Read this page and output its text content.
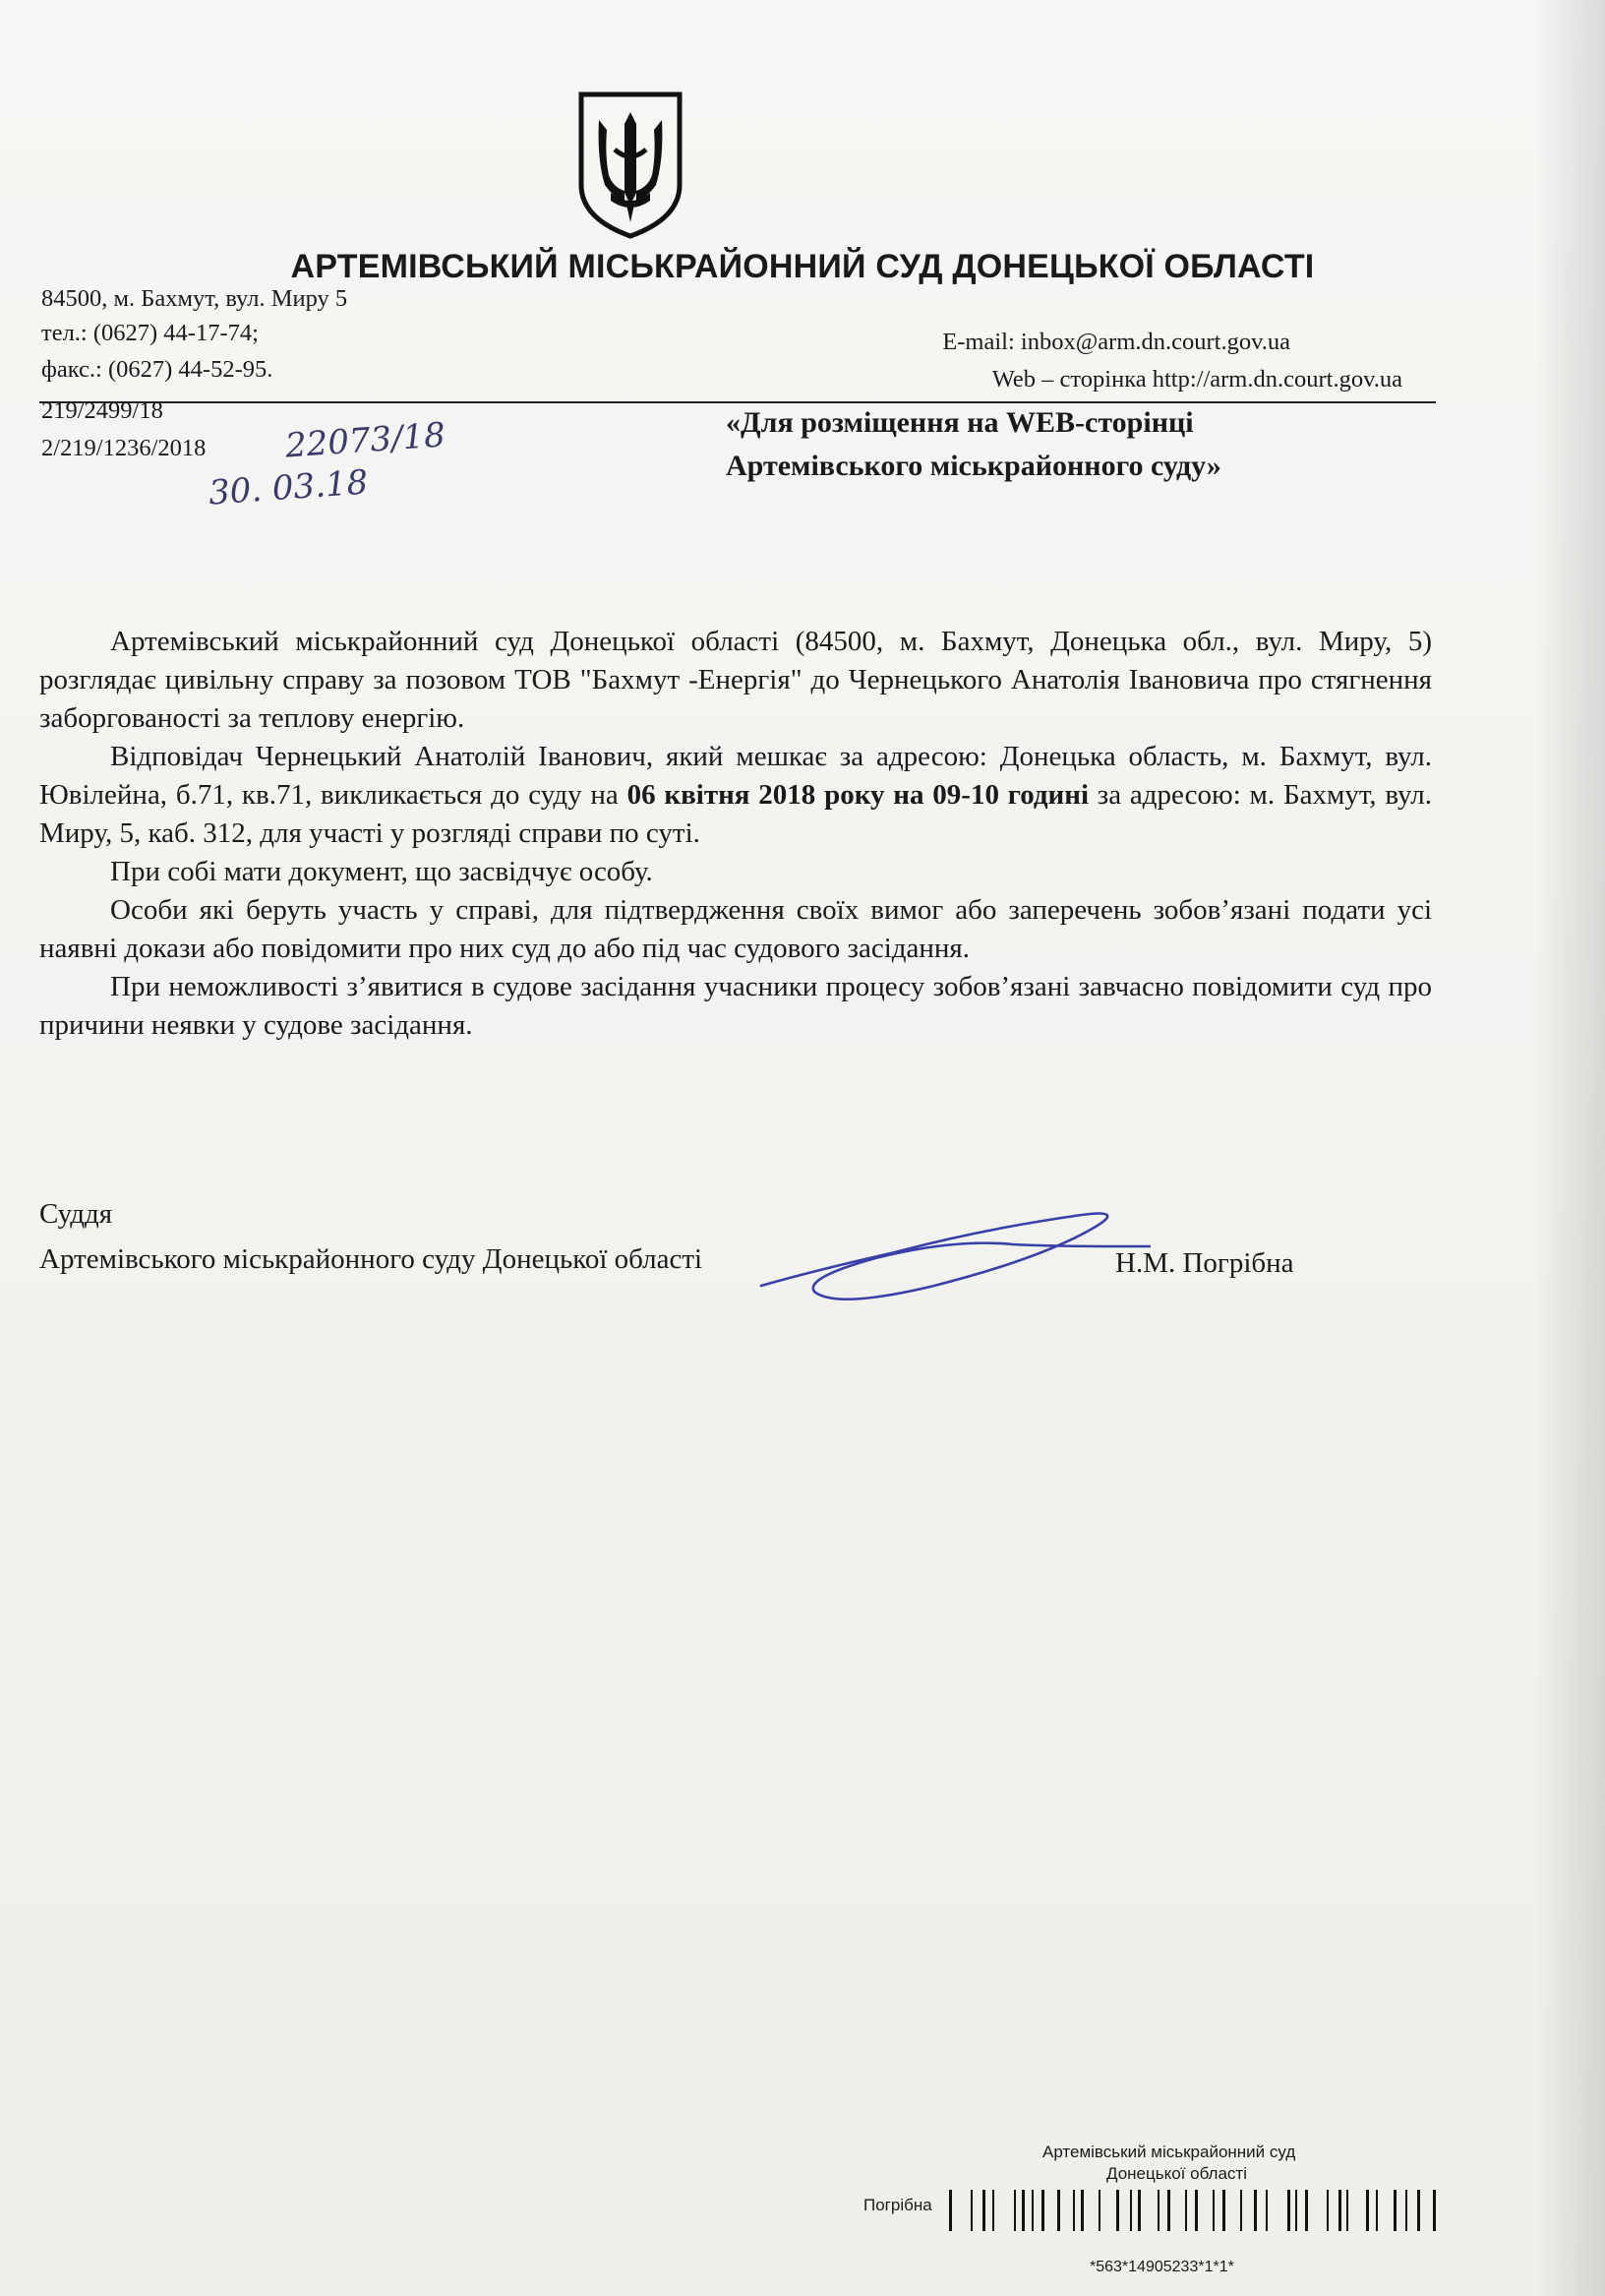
АРТЕМІВСЬКИЙ МІСЬКРАЙОННИЙ СУД ДОНЕЦЬКОЇ ОБЛАСТІ
84500, м. Бахмут, вул. Миру 5
тел.: (0627) 44-17-74;
факс.: (0627) 44-52-95.
E-mail: inbox@arm.dn.court.gov.ua
Web – сторінка http://arm.dn.court.gov.ua
219/2499/18
2/219/1236/2018 22073/18
30. 03.18
«Для розміщення на WEB-сторінці
Артемівського міськрайонного суду»

Артемівський міськрайонний суд Донецької області (84500, м. Бахмут, Донецька обл., вул. Миру, 5) розглядає цивільну справу за позовом ТОВ "Бахмут -Енергія" до Чернецького Анатолія Івановича про стягнення заборгованості за теплову енергію.

Відповідач Чернецький Анатолій Іванович, який мешкає за адресою: Донецька область, м. Бахмут, вул. Ювілейна, б.71, кв.71, викликається до суду на 06 квітня 2018 року на 09-10 годині за адресою: м. Бахмут, вул. Миру, 5, каб. 312, для участі у розгляді справи по суті.

При собі мати документ, що засвідчує особу.

Особи які беруть участь у справі, для підтвердження своїх вимог або заперечень зобов’язані подати усі наявні докази або повідомити про них суд до або під час судового засідання.

При неможливості з’явитися в судове засідання учасники процесу зобов’язані завчасно повідомити суд про причини неявки у судове засідання.

Суддя
Артемівського міськрайонного суду Донецької області	Н.М. Погрібна
Артемівський міськрайонний суд
Донецької області
Погрібна
*563*14905233*1*1*
